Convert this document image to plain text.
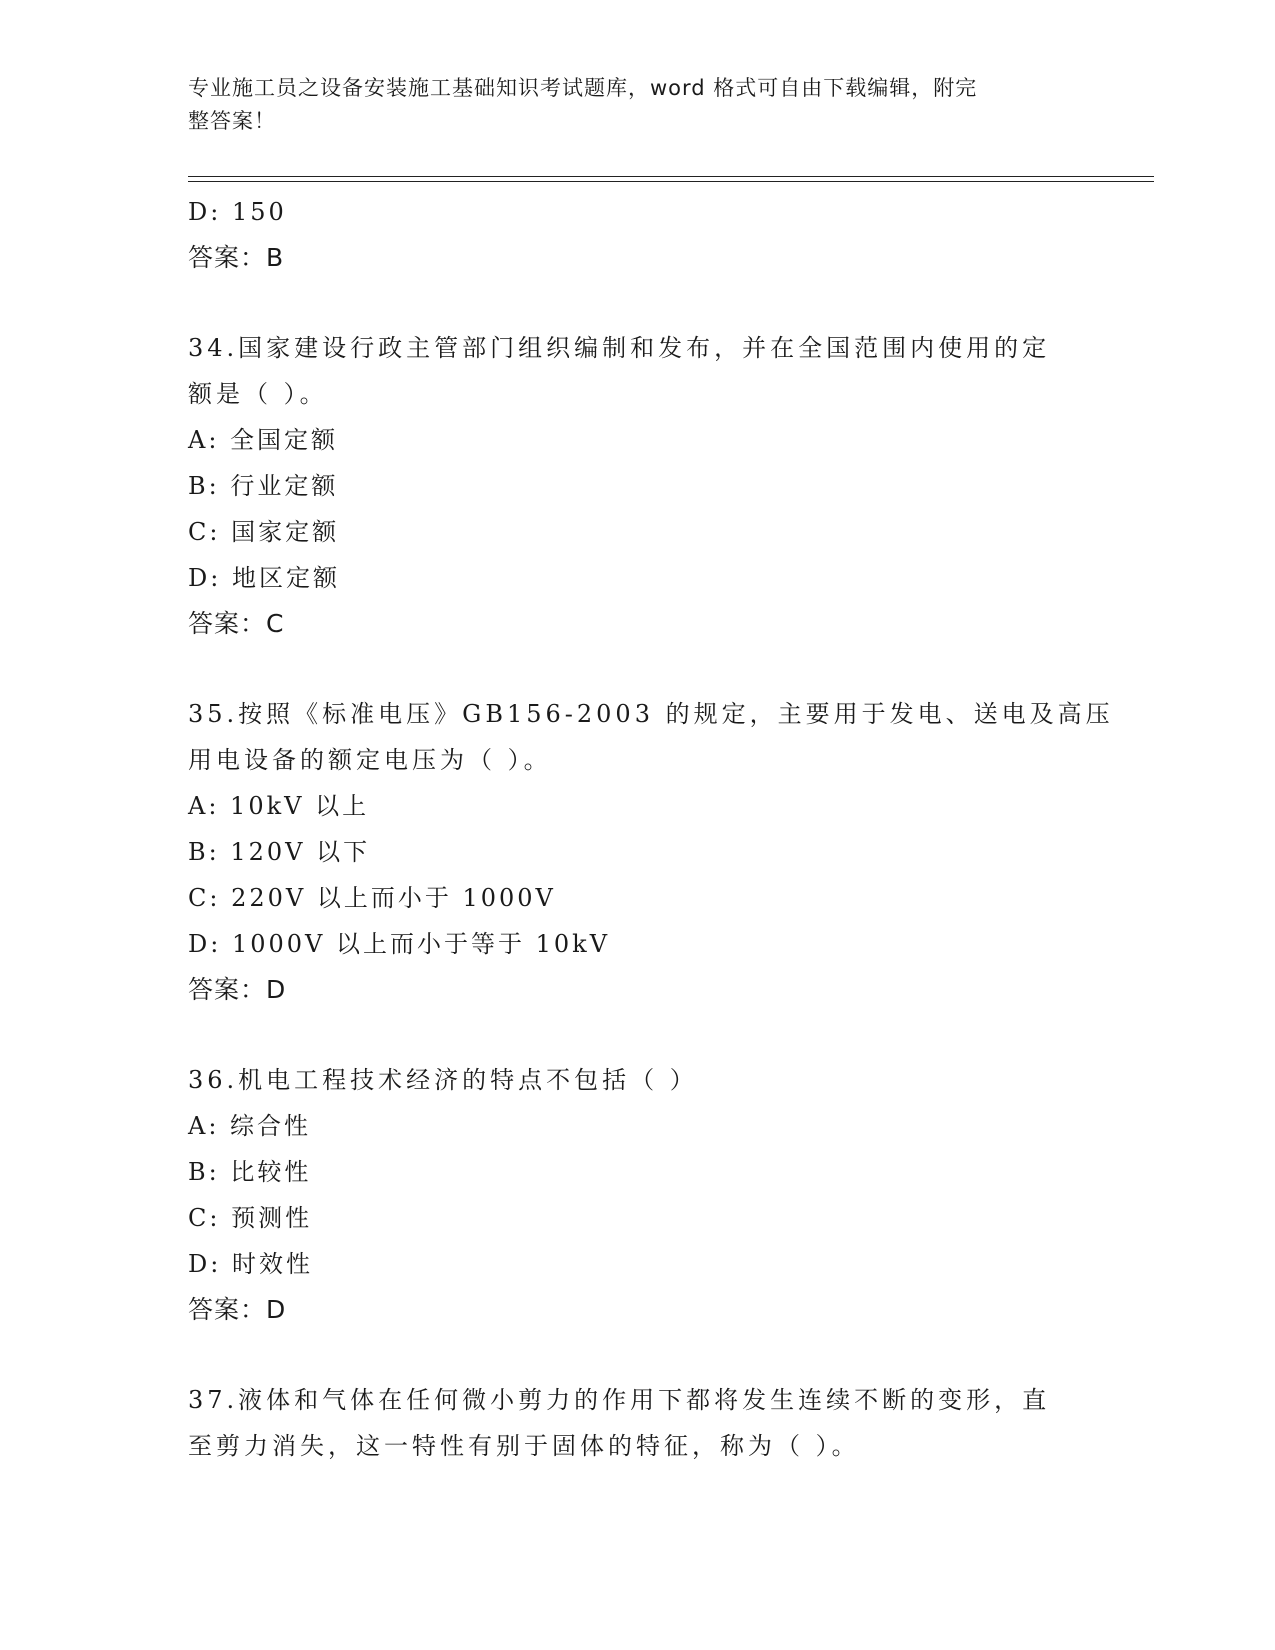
专业施工员之设备安装施工基础知识考试题库，word 格式可自由下载编辑，附完
整答案！
D: 150
答案：B
34.国家建设行政主管部门组织编制和发布，并在全国范围内使用的定
额是（ ）。
A: 全国定额
B: 行业定额
C: 国家定额
D: 地区定额
答案：C
35.按照《标准电压》GB156-2003 的规定，主要用于发电、送电及高压
用电设备的额定电压为（ ）。
A: 10kV 以上
B: 120V 以下
C: 220V 以上而小于 1000V
D: 1000V 以上而小于等于 10kV
答案：D
36.机电工程技术经济的特点不包括（ ）
A: 综合性
B: 比较性
C: 预测性
D: 时效性
答案：D
37.液体和气体在任何微小剪力的作用下都将发生连续不断的变形，直
至剪力消失，这一特性有别于固体的特征，称为（ ）。
